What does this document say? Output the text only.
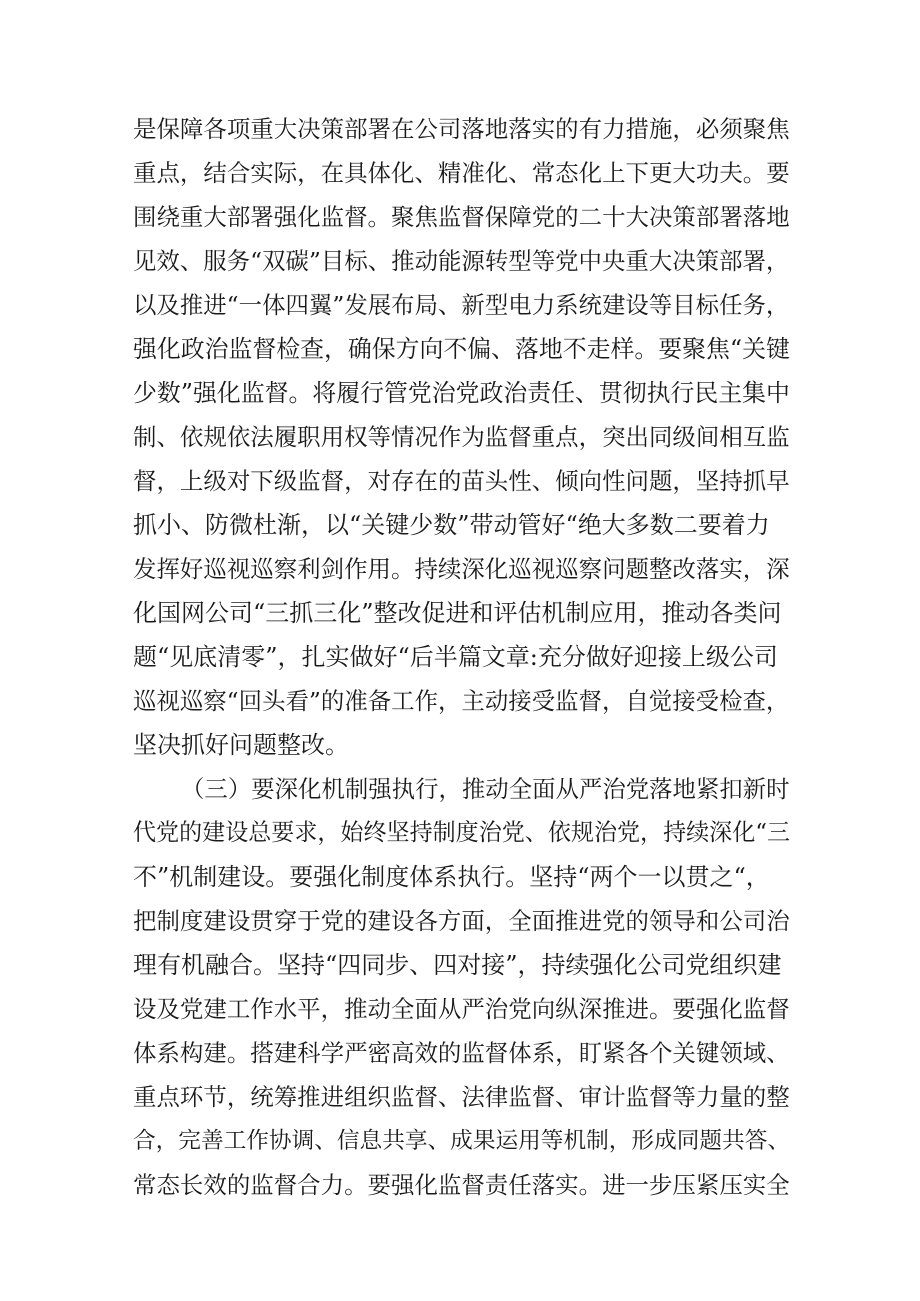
是保障各项重大决策部署在公司落地落实的有力措施，必须聚焦
重点，结合实际，在具体化、精准化、常态化上下更大功夫。要
围绕重大部署强化监督。聚焦监督保障党的二十大决策部署落地
见效、服务“双碳”目标、推动能源转型等党中央重大决策部署，
以及推进“一体四翼”发展布局、新型电力系统建设等目标任务，
强化政治监督检查，确保方向不偏、落地不走样。要聚焦“关键
少数”强化监督。将履行管党治党政治责任、贯彻执行民主集中
制、依规依法履职用权等情况作为监督重点，突出同级间相互监
督，上级对下级监督，对存在的苗头性、倾向性问题，坚持抓早
抓小、防微杜渐，以“关键少数”带动管好“绝大多数二要着力
发挥好巡视巡察利剑作用。持续深化巡视巡察问题整改落实，深
化国网公司“三抓三化”整改促进和评估机制应用，推动各类问
题“见底清零”，扎实做好“后半篇文章:充分做好迎接上级公司
巡视巡察“回头看”的准备工作，主动接受监督，自觉接受检查，
坚决抓好问题整改。
（三）要深化机制强执行，推动全面从严治党落地紧扣新时
代党的建设总要求，始终坚持制度治党、依规治党，持续深化“三
不”机制建设。要强化制度体系执行。坚持“两个一以贯之“，
把制度建设贯穿于党的建设各方面，全面推进党的领导和公司治
理有机融合。坚持“四同步、四对接”，持续强化公司党组织建
设及党建工作水平，推动全面从严治党向纵深推进。要强化监督
体系构建。搭建科学严密高效的监督体系，盯紧各个关键领域、
重点环节，统筹推进组织监督、法律监督、审计监督等力量的整
合，完善工作协调、信息共享、成果运用等机制，形成同题共答、
常态长效的监督合力。要强化监督责任落实。进一步压紧压实全
